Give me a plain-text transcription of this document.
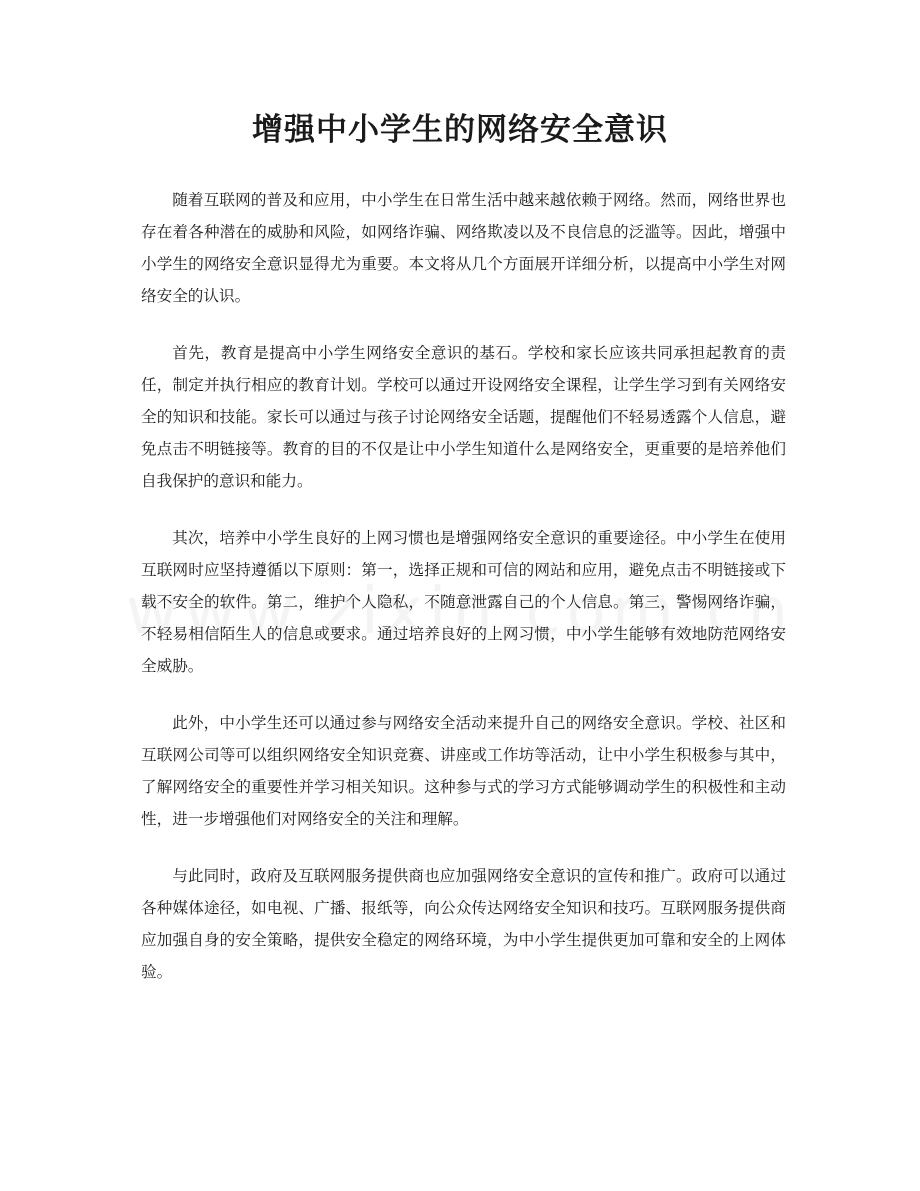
增强中小学生的网络安全意识

随着互联网的普及和应用，中小学生在日常生活中越来越依赖于网络。然而，网络世界也存在着各种潜在的威胁和风险，如网络诈骗、网络欺凌以及不良信息的泛滥等。因此，增强中小学生的网络安全意识显得尤为重要。本文将从几个方面展开详细分析，以提高中小学生对网络安全的认识。

首先，教育是提高中小学生网络安全意识的基石。学校和家长应该共同承担起教育的责任，制定并执行相应的教育计划。学校可以通过开设网络安全课程，让学生学习到有关网络安全的知识和技能。家长可以通过与孩子讨论网络安全话题，提醒他们不轻易透露个人信息，避免点击不明链接等。教育的目的不仅是让中小学生知道什么是网络安全，更重要的是培养他们自我保护的意识和能力。

其次，培养中小学生良好的上网习惯也是增强网络安全意识的重要途径。中小学生在使用互联网时应坚持遵循以下原则：第一，选择正规和可信的网站和应用，避免点击不明链接或下载不安全的软件。第二，维护个人隐私，不随意泄露自己的个人信息。第三，警惕网络诈骗，不轻易相信陌生人的信息或要求。通过培养良好的上网习惯，中小学生能够有效地防范网络安全威胁。

此外，中小学生还可以通过参与网络安全活动来提升自己的网络安全意识。学校、社区和互联网公司等可以组织网络安全知识竞赛、讲座或工作坊等活动，让中小学生积极参与其中，了解网络安全的重要性并学习相关知识。这种参与式的学习方式能够调动学生的积极性和主动性，进一步增强他们对网络安全的关注和理解。

与此同时，政府及互联网服务提供商也应加强网络安全意识的宣传和推广。政府可以通过各种媒体途径，如电视、广播、报纸等，向公众传达网络安全知识和技巧。互联网服务提供商应加强自身的安全策略，提供安全稳定的网络环境，为中小学生提供更加可靠和安全的上网体验。
